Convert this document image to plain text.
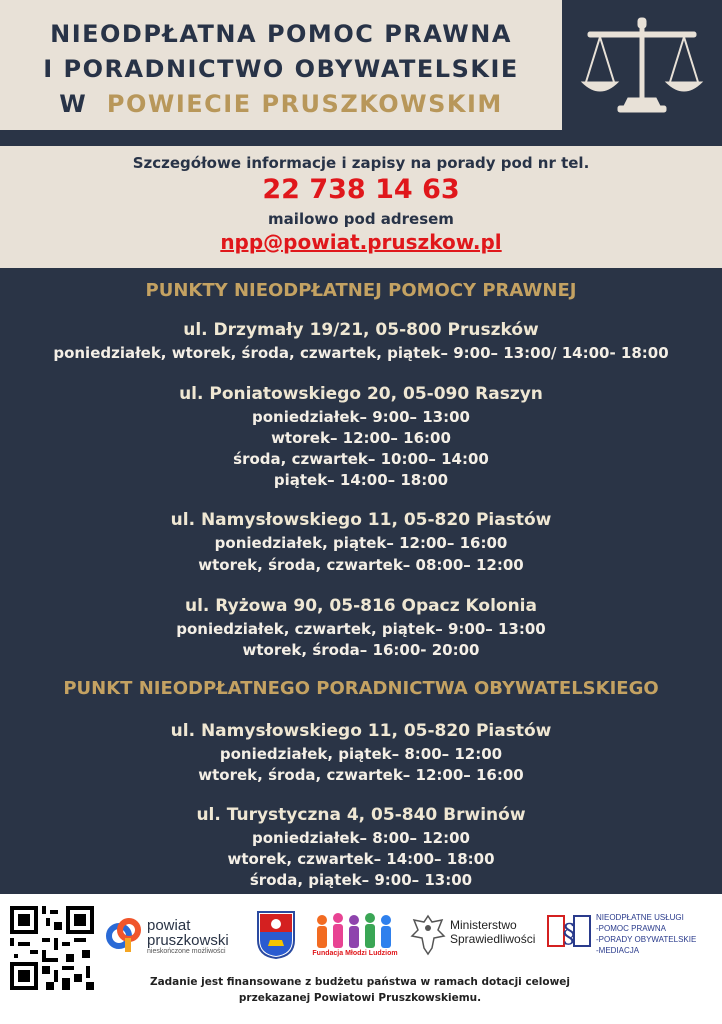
NIEODPŁATNA POMOC PRAWNA
I PORADNICTWO OBYWATELSKIE
W POWIECIE PRUSZKOWSKIM
Szczegółowe informacje i zapisy na porady pod nr tel.
22 738 14 63
mailowo pod adresem
npp@powiat.pruszkow.pl
PUNKTY NIEODPŁATNEJ POMOCY PRAWNEJ
ul. Drzymały 19/21, 05-800 Pruszków
poniedziałek, wtorek, środa, czwartek, piątek– 9:00– 13:00/ 14:00- 18:00
ul. Poniatowskiego 20, 05-090 Raszyn
poniedziałek– 9:00– 13:00
wtorek– 12:00– 16:00
środa, czwartek– 10:00– 14:00
piątek– 14:00– 18:00
ul. Namysłowskiego 11, 05-820 Piastów
poniedziałek, piątek– 12:00– 16:00
wtorek, środa, czwartek– 08:00– 12:00
ul. Ryżowa 90, 05-816 Opacz Kolonia
poniedziałek, czwartek, piątek– 9:00– 13:00
wtorek, środa– 16:00- 20:00
PUNKT NIEODPŁATNEGO PORADNICTWA OBYWATELSKIEGO
ul. Namysłowskiego 11, 05-820 Piastów
poniedziałek, piątek– 8:00– 12:00
wtorek, środa, czwartek– 12:00– 16:00
ul. Turystyczna 4, 05-840 Brwinów
poniedziałek– 8:00– 12:00
wtorek, czwartek– 14:00– 18:00
środa, piątek– 9:00– 13:00
powiat
pruszkowski
nieskończone możliwości	Fundacja Młodzi Ludziom
Ministerstwo
Sprawiedliwości §
NIEODPŁATNE USŁUGI
-POMOC PRAWNA
-PORADY OBYWATELSKIE
-MEDIACJA
Zadanie jest finansowane z budżetu państwa w ramach dotacji celowej
przekazanej Powiatowi Pruszkowskiemu.
